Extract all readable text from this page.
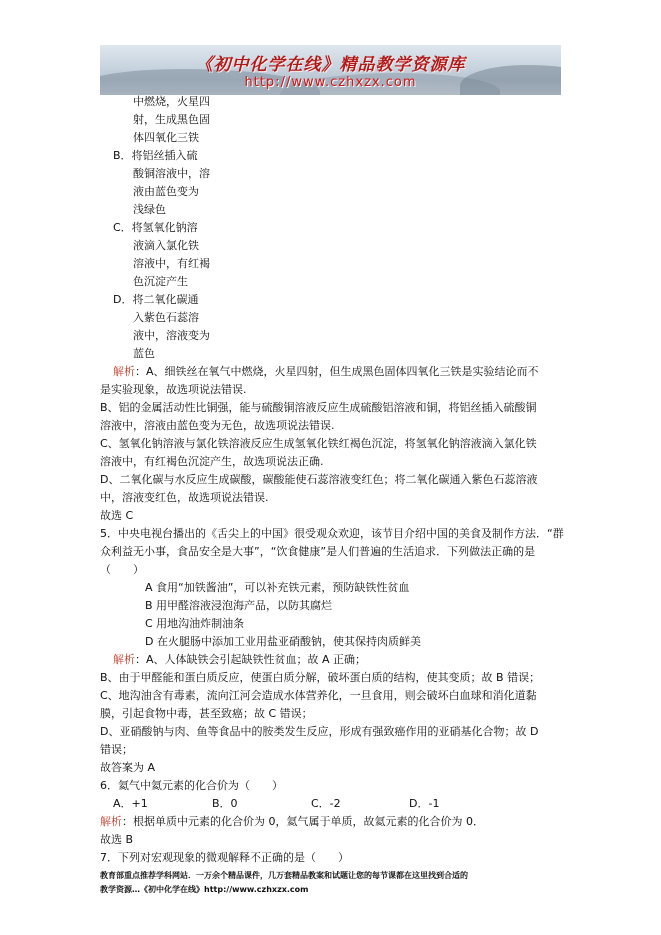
《初中化学在线》精品教学资源库
http://www.czhxzx.com
中燃烧，火星四
射，生成黑色固
体四氧化三铁
B．将铝丝插入硫
酸铜溶液中，溶
液由蓝色变为
浅绿色
C．将氢氧化钠溶
液滴入氯化铁
溶液中，有红褐
色沉淀产生
D．将二氧化碳通
入紫色石蕊溶
液中，溶液变为
蓝色
解析：A、细铁丝在氧气中燃烧，火星四射，但生成黑色固体四氧化三铁是实验结论而不
是实验现象，故选项说法错误.
B、铝的金属活动性比铜强，能与硫酸铜溶液反应生成硫酸铝溶液和铜，将铝丝插入硫酸铜
溶液中，溶液由蓝色变为无色，故选项说法错误.
C、氢氧化钠溶液与氯化铁溶液反应生成氢氧化铁红褐色沉淀，将氢氧化钠溶液滴入氯化铁
溶液中，有红褐色沉淀产生，故选项说法正确.
D、二氧化碳与水反应生成碳酸，碳酸能使石蕊溶液变红色；将二氧化碳通入紫色石蕊溶液
中，溶液变红色，故选项说法错误.
故选 C
5．中央电视台播出的《舌尖上的中国》很受观众欢迎，该节目介绍中国的美食及制作方法．“群
众利益无小事，食品安全是大事”，“饮食健康”是人们普遍的生活追求．下列做法正确的是
（　　）
A 食用“加铁酱油”，可以补充铁元素，预防缺铁性贫血
B 用甲醛溶液浸泡海产品，以防其腐烂
C 用地沟油炸制油条
D 在火腿肠中添加工业用盐亚硝酸钠，使其保持肉质鲜美
解析：A、人体缺铁会引起缺铁性贫血；故 A 正确；
B、由于甲醛能和蛋白质反应，使蛋白质分解，破坏蛋白质的结构，使其变质；故 B 错误；
C、地沟油含有毒素，流向江河会造成水体营养化，一旦食用，则会破坏白血球和消化道黏
膜，引起食物中毒，甚至致癌；故 C 错误；
D、亚硝酸钠与肉、鱼等食品中的胺类发生反应，形成有强致癌作用的亚硝基化合物；故 D
错误；
故答案为 A
6．氦气中氦元素的化合价为（　　）
A．+1	B．0	C．-2	D．-1
解析：根据单质中元素的化合价为 0，氦气属于单质，故氦元素的化合价为 0．
故选 B
7．下列对宏观现象的微观解释不正确的是（　　）
教育部重点推荐学科网站．一万余个精品课件，几万套精品教案和试题让您的每节课都在这里找到合适的
教学资源…《初中化学在线》http://www.czhxzx.com
